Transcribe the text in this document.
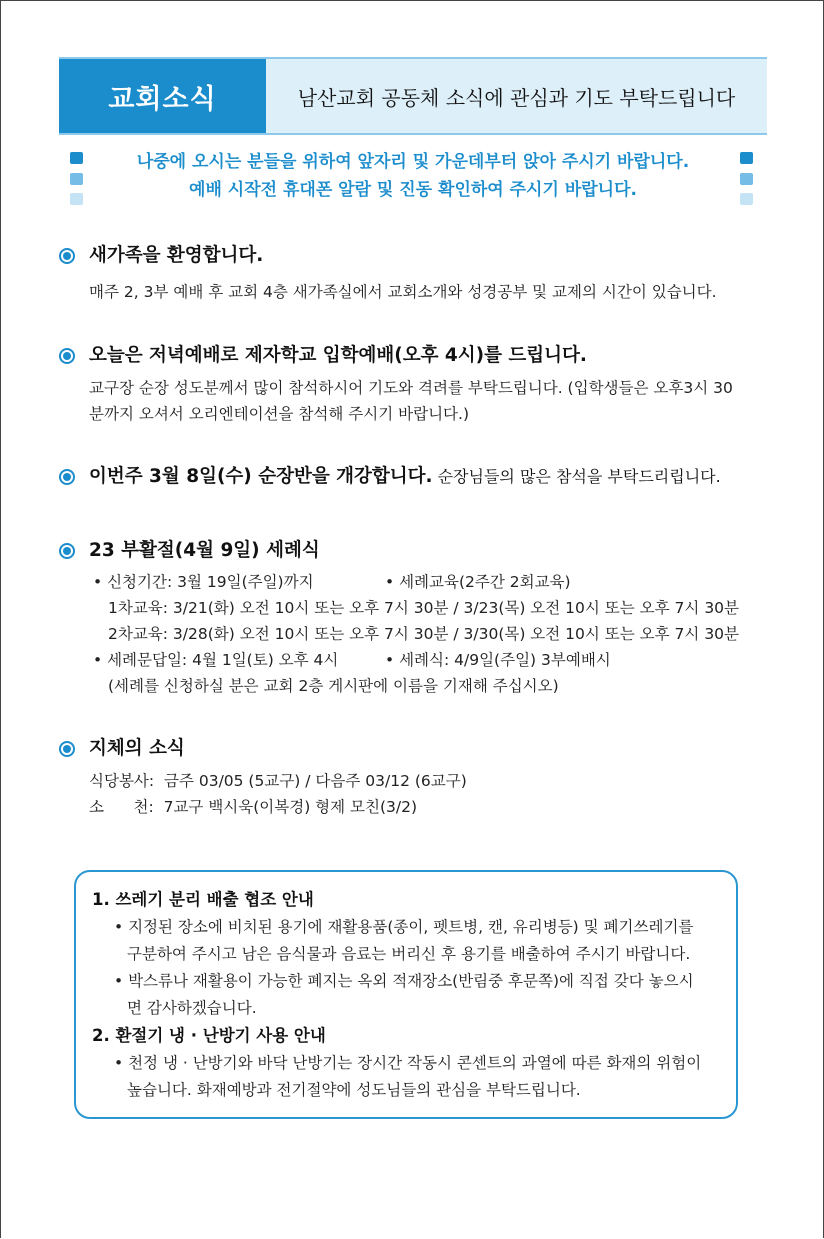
교회소식	남산교회 공동체 소식에 관심과 기도 부탁드립니다
나중에 오시는 분들을 위하여 앞자리 및 가운데부터 앉아 주시기 바랍니다.
예배 시작전 휴대폰 알람 및 진동 확인하여 주시기 바랍니다.
새가족을 환영합니다.
매주 2, 3부 예배 후 교회 4층 새가족실에서 교회소개와 성경공부 및 교제의 시간이 있습니다.
오늘은 저녁예배로 제자학교 입학예배(오후 4시)를 드립니다.
교구장 순장 성도분께서 많이 참석하시어 기도와 격려를 부탁드립니다. (입학생들은 오후3시 30
분까지 오셔서 오리엔테이션을 참석해 주시기 바랍니다.)
이번주 3월 8일(수) 순장반을 개강합니다. 순장님들의 많은 참석을 부탁드리립니다.
23 부활절(4월 9일) 세례식
• 신청기간: 3월 19일(주일)까지	• 세례교육(2주간 2회교육)
1차교육: 3/21(화) 오전 10시 또는 오후 7시 30분 / 3/23(목) 오전 10시 또는 오후 7시 30분
2차교육: 3/28(화) 오전 10시 또는 오후 7시 30분 / 3/30(목) 오전 10시 또는 오후 7시 30분
• 세례문답일: 4월 1일(토) 오후 4시	• 세례식: 4/9일(주일) 3부예배시
(세례를 신청하실 분은 교회 2층 게시판에 이름을 기재해 주십시오)
지체의 소식
식당봉사:  금주 03/05 (5교구) / 다음주 03/12 (6교구)
소      천:  7교구 백시욱(이복경) 형제 모친(3/2)
1. 쓰레기 분리 배출 협조 안내
• 지정된 장소에 비치된 용기에 재활용품(종이, 펫트병, 캔, 유리병등) 및 폐기쓰레기를
구분하여 주시고 남은 음식물과 음료는 버리신 후 용기를 배출하여 주시기 바랍니다.
• 박스류나 재활용이 가능한 폐지는 옥외 적재장소(반림중 후문쪽)에 직접 갖다 놓으시
면 감사하겠습니다.
2. 환절기 냉 · 난방기 사용 안내
• 천정 냉 · 난방기와 바닥 난방기는 장시간 작동시 콘센트의 과열에 따른 화재의 위험이
높습니다. 화재예방과 전기절약에 성도님들의 관심을 부탁드립니다.
